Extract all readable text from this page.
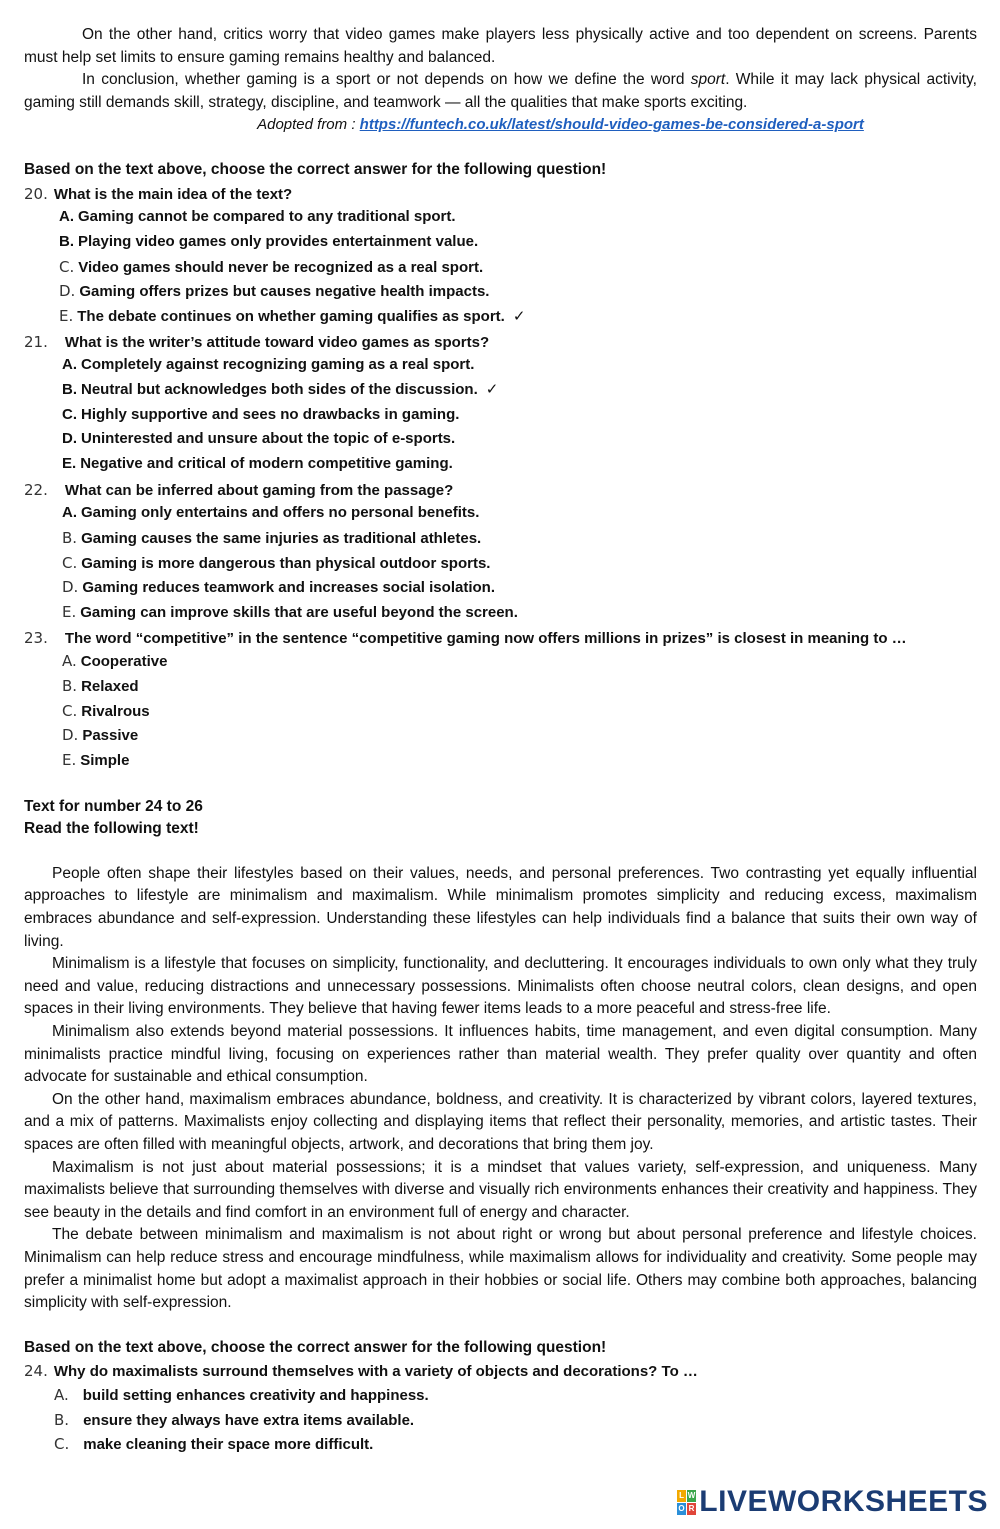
On the other hand, critics worry that video games make players less physically active and too dependent on screens. Parents must help set limits to ensure gaming remains healthy and balanced.

In conclusion, whether gaming is a sport or not depends on how we define the word sport. While it may lack physical activity, gaming still demands skill, strategy, discipline, and teamwork — all the qualities that make sports exciting.

Adopted from : https://funtech.co.uk/latest/should-video-games-be-considered-a-sport

Based on the text above, choose the correct answer for the following question!

20. What is the main idea of the text?
A. Gaming cannot be compared to any traditional sport.
B. Playing video games only provides entertainment value.
C. Video games should never be recognized as a real sport.
D. Gaming offers prizes but causes negative health impacts.
E. The debate continues on whether gaming qualifies as sport. ✓
21. What is the writer’s attitude toward video games as sports?
A. Completely against recognizing gaming as a real sport.
B. Neutral but acknowledges both sides of the discussion. ✓
C. Highly supportive and sees no drawbacks in gaming.
D. Uninterested and unsure about the topic of e-sports.
E. Negative and critical of modern competitive gaming.
22. What can be inferred about gaming from the passage?
A. Gaming only entertains and offers no personal benefits.
B. Gaming causes the same injuries as traditional athletes.
C. Gaming is more dangerous than physical outdoor sports.
D. Gaming reduces teamwork and increases social isolation.
E. Gaming can improve skills that are useful beyond the screen.
23. The word “competitive” in the sentence “competitive gaming now offers millions in prizes” is closest in meaning to …
A. Cooperative
B. Relaxed
C. Rivalrous
D. Passive
E. Simple

Text for number 24 to 26

Read the following text!

People often shape their lifestyles based on their values, needs, and personal preferences. Two contrasting yet equally influential approaches to lifestyle are minimalism and maximalism. While minimalism promotes simplicity and reducing excess, maximalism embraces abundance and self-expression. Understanding these lifestyles can help individuals find a balance that suits their own way of living.

Minimalism is a lifestyle that focuses on simplicity, functionality, and decluttering. It encourages individuals to own only what they truly need and value, reducing distractions and unnecessary possessions. Minimalists often choose neutral colors, clean designs, and open spaces in their living environments. They believe that having fewer items leads to a more peaceful and stress-free life.

Minimalism also extends beyond material possessions. It influences habits, time management, and even digital consumption. Many minimalists practice mindful living, focusing on experiences rather than material wealth. They prefer quality over quantity and often advocate for sustainable and ethical consumption.

On the other hand, maximalism embraces abundance, boldness, and creativity. It is characterized by vibrant colors, layered textures, and a mix of patterns. Maximalists enjoy collecting and displaying items that reflect their personality, memories, and artistic tastes. Their spaces are often filled with meaningful objects, artwork, and decorations that bring them joy.

Maximalism is not just about material possessions; it is a mindset that values variety, self-expression, and uniqueness. Many maximalists believe that surrounding themselves with diverse and visually rich environments enhances their creativity and happiness. They see beauty in the details and find comfort in an environment full of energy and character.

The debate between minimalism and maximalism is not about right or wrong but about personal preference and lifestyle choices. Minimalism can help reduce stress and encourage mindfulness, while maximalism allows for individuality and creativity. Some people may prefer a minimalist home but adopt a maximalist approach in their hobbies or social life. Others may combine both approaches, balancing simplicity with self-expression.

Based on the text above, choose the correct answer for the following question!

24. Why do maximalists surround themselves with a variety of objects and decorations? To …
A. build setting enhances creativity and happiness.
B. ensure they always have extra items available.
C. make cleaning their space more difficult.
L W
O R LIVEWORKSHEETS
